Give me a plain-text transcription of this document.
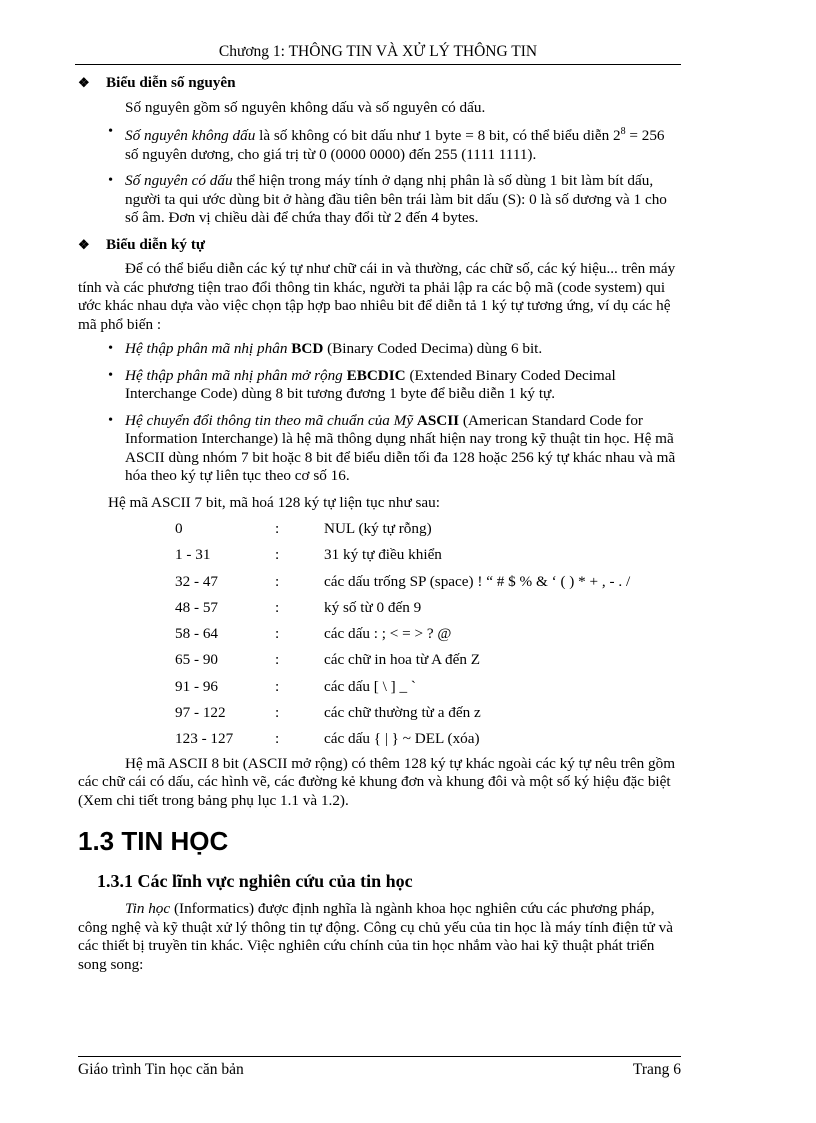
Chương 1: THÔNG TIN VÀ XỬ LÝ THÔNG TIN
❖	Biểu diễn số nguyên
Số nguyên gồm số nguyên không dấu và số nguyên có dấu.
• Số nguyên không dấu là số không có bit dấu như 1 byte = 8 bit, có thể biểu diễn $2^8 = 256$ số nguyên dương, cho giá trị từ 0 (0000 0000) đến 255 (1111 1111).
• Số nguyên có dấu thể hiện trong máy tính ở dạng nhị phân là số dùng 1 bit làm bít dấu, người ta qui ước dùng bit ở hàng đầu tiên bên trái làm bit dấu (S): 0 là số dương và 1 cho số âm. Đơn vị chiều dài để chứa thay đổi từ 2 đến 4 bytes.
❖	Biểu diễn ký tự
Để có thể biểu diễn các ký tự như chữ cái in và thường, các chữ số, các ký hiệu... trên máy tính và các phương tiện trao đổi thông tin khác, người ta phải lập ra các bộ mã (code system) qui ước khác nhau dựa vào việc chọn tập hợp bao nhiêu bit để diễn tả 1 ký tự tương ứng, ví dụ các hệ mã phổ biến :
• Hệ thập phân mã nhị phân BCD (Binary Coded Decima) dùng 6 bit.
• Hệ thập phân mã nhị phân mở rộng EBCDIC (Extended Binary Coded Decimal Interchange Code) dùng 8 bit tương đương 1 byte để biễu diễn 1 ký tự.
• Hệ chuyển đổi thông tin theo mã chuẩn của Mỹ ASCII (American Standard Code for Information Interchange) là hệ mã thông dụng nhất hiện nay trong kỹ thuật tin học. Hệ mã ASCII dùng nhóm 7 bit hoặc 8 bit để biểu diễn tối đa 128 hoặc 256 ký tự khác nhau và mã hóa theo ký tự liên tục theo cơ số 16.
Hệ mã ASCII 7 bit, mã hoá 128 ký tự liện tục như sau:
0	:	NUL (ký tự rỗng)
1 - 31	:	31 ký tự điều khiển
32 - 47	:	các dấu trống SP (space) ! “ # $ % & ‘ ( ) * + , - . /
48 - 57	:	ký số từ 0 đến 9
58 - 64	:	các dấu : ; < = > ? @
65 - 90	:	các chữ in hoa từ A đến Z
91 - 96	:	các dấu [ \ ] _ `
97 - 122	:	các chữ thường từ a đến z
123 - 127	:	các dấu { | } ~ DEL (xóa)
Hệ mã ASCII 8 bit (ASCII mở rộng) có thêm 128 ký tự khác ngoài các ký tự nêu trên gồm các chữ cái có dấu, các hình vẽ, các đường kẻ khung đơn và khung đôi và một số ký hiệu đặc biệt (Xem chi tiết trong bảng phụ lục 1.1 và 1.2).
1.3 TIN HỌC
1.3.1 Các lĩnh vực nghiên cứu của tin học
Tin học (Informatics) được định nghĩa là ngành khoa học nghiên cứu các phương pháp, công nghệ và kỹ thuật xử lý thông tin tự động. Công cụ chủ yếu của tin học là máy tính điện tử và các thiết bị truyền tin khác. Việc nghiên cứu chính của tin học nhắm vào hai kỹ thuật phát triển song song:
Giáo trình Tin học căn bản	Trang 6
